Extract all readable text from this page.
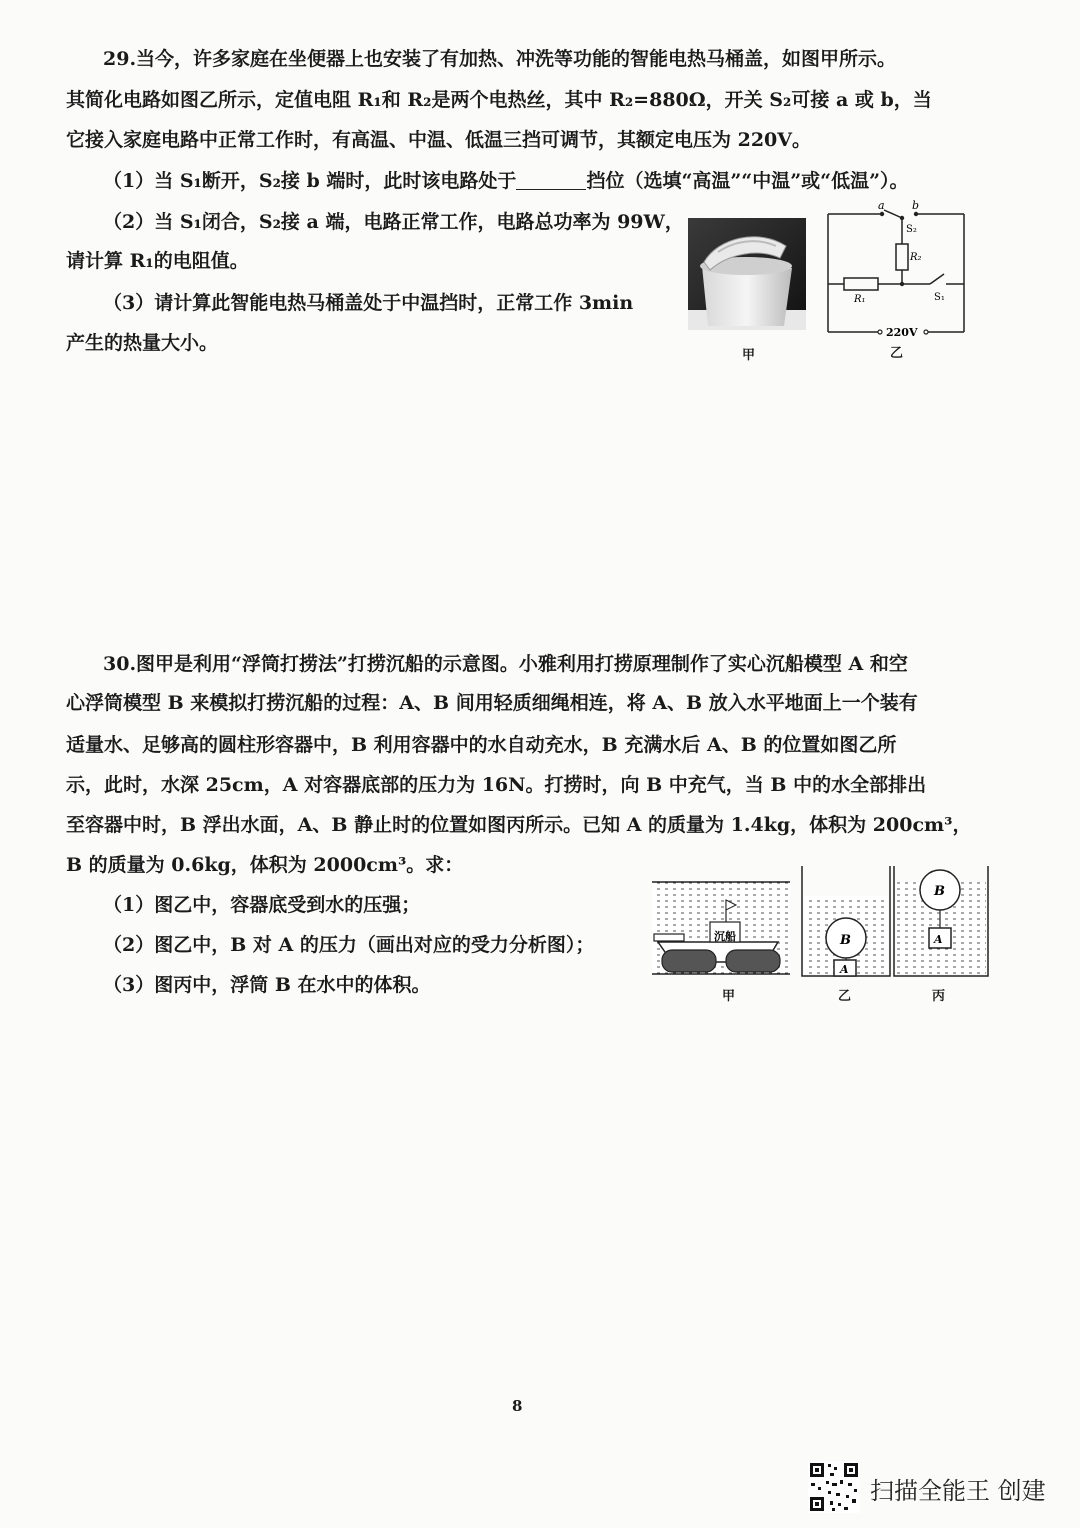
29.当今，许多家庭在坐便器上也安装了有加热、冲洗等功能的智能电热马桶盖，如图甲所示。
其简化电路如图乙所示，定值电阻 R₁和 R₂是两个电热丝，其中 R₂=880Ω，开关 S₂可接 a 或 b，当
它接入家庭电路中正常工作时，有高温、中温、低温三挡可调节，其额定电压为 220V。
（1）当 S₁断开，S₂接 b 端时，此时该电路处于	挡位（选填“高温”“中温”或“低温”）。
（2）当 S₁闭合，S₂接 a 端，电路正常工作，电路总功率为 99W，
请计算 R₁的电阻值。
（3）请计算此智能电热马桶盖处于中温挡时，正常工作 3min
产生的热量大小。
甲
a b
S₂
R₂
R₁	S₁
220V
乙
30.图甲是利用“浮筒打捞法”打捞沉船的示意图。小雅利用打捞原理制作了实心沉船模型 A 和空
心浮筒模型 B 来模拟打捞沉船的过程：A、B 间用轻质细绳相连，将 A、B 放入水平地面上一个装有
适量水、足够高的圆柱形容器中，B 利用容器中的水自动充水，B 充满水后 A、B 的位置如图乙所
示，此时，水深 25cm，A 对容器底部的压力为 16N。打捞时，向 B 中充气，当 B 中的水全部排出
至容器中时，B 浮出水面，A、B 静止时的位置如图丙所示。已知 A 的质量为 1.4kg，体积为 200cm³，
B 的质量为 0.6kg，体积为 2000cm³。求：
（1）图乙中，容器底受到水的压强；
（2）图乙中，B 对 A 的压力（画出对应的受力分析图）；
（3）图丙中，浮筒 B 在水中的体积。
沉船	B
A
B
A
甲	乙	丙
8
扫描全能王 创建
